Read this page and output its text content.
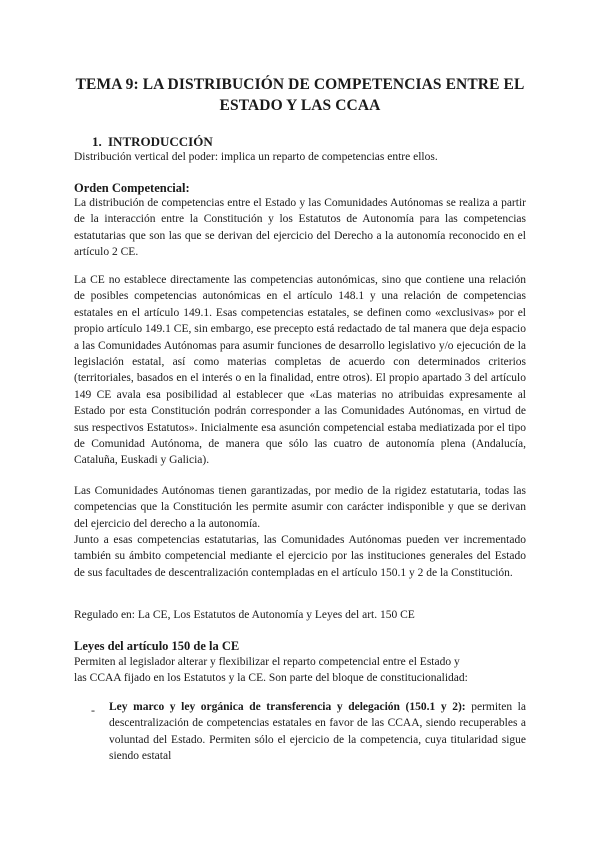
TEMA 9: LA DISTRIBUCIÓN DE COMPETENCIAS ENTRE EL
ESTADO Y LAS CCAA
1. INTRODUCCIÓN

Distribución vertical del poder: implica un reparto de competencias entre ellos.

Orden Competencial:

La distribución de competencias entre el Estado y las Comunidades Autónomas se realiza a partir de la interacción entre la Constitución y los Estatutos de Autonomía para las competencias estatutarias que son las que se derivan del ejercicio del Derecho a la autonomía reconocido en el artículo 2 CE.

La CE no establece directamente las competencias autonómicas, sino que contiene una relación de posibles competencias autonómicas en el artículo 148.1 y una relación de competencias estatales en el artículo 149.1. Esas competencias estatales, se definen como «exclusivas» por el propio artículo 149.1 CE, sin embargo, ese precepto está redactado de tal manera que deja espacio a las Comunidades Autónomas para asumir funciones de desarrollo legislativo y/o ejecución de la legislación estatal, así como materias completas de acuerdo con determinados criterios (territoriales, basados en el interés o en la finalidad, entre otros). El propio apartado 3 del artículo 149 CE avala esa posibilidad al establecer que «Las materias no atribuidas expresamente al Estado por esta Constitución podrán corresponder a las Comunidades Autónomas, en virtud de sus respectivos Estatutos». Inicialmente esa asunción competencial estaba mediatizada por el tipo de Comunidad Autónoma, de manera que sólo las cuatro de autonomía plena (Andalucía, Cataluña, Euskadi y Galicia).

Las Comunidades Autónomas tienen garantizadas, por medio de la rigidez estatutaria, todas las competencias que la Constitución les permite asumir con carácter indisponible y que se derivan del ejercicio del derecho a la autonomía.

Junto a esas competencias estatutarias, las Comunidades Autónomas pueden ver incrementado también su ámbito competencial mediante el ejercicio por las instituciones generales del Estado de sus facultades de descentralización contempladas en el artículo 150.1 y 2 de la Constitución.

Regulado en: La CE, Los Estatutos de Autonomía y Leyes del art. 150 CE

Leyes del artículo 150 de la CE

Permiten al legislador alterar y flexibilizar el reparto competencial entre el Estado y las CCAA fijado en los Estatutos y la CE. Son parte del bloque de constitucionalidad:

- Ley marco y ley orgánica de transferencia y delegación (150.1 y 2): permiten la descentralización de competencias estatales en favor de las CCAA, siendo recuperables a voluntad del Estado. Permiten sólo el ejercicio de la competencia, cuya titularidad sigue siendo estatal
